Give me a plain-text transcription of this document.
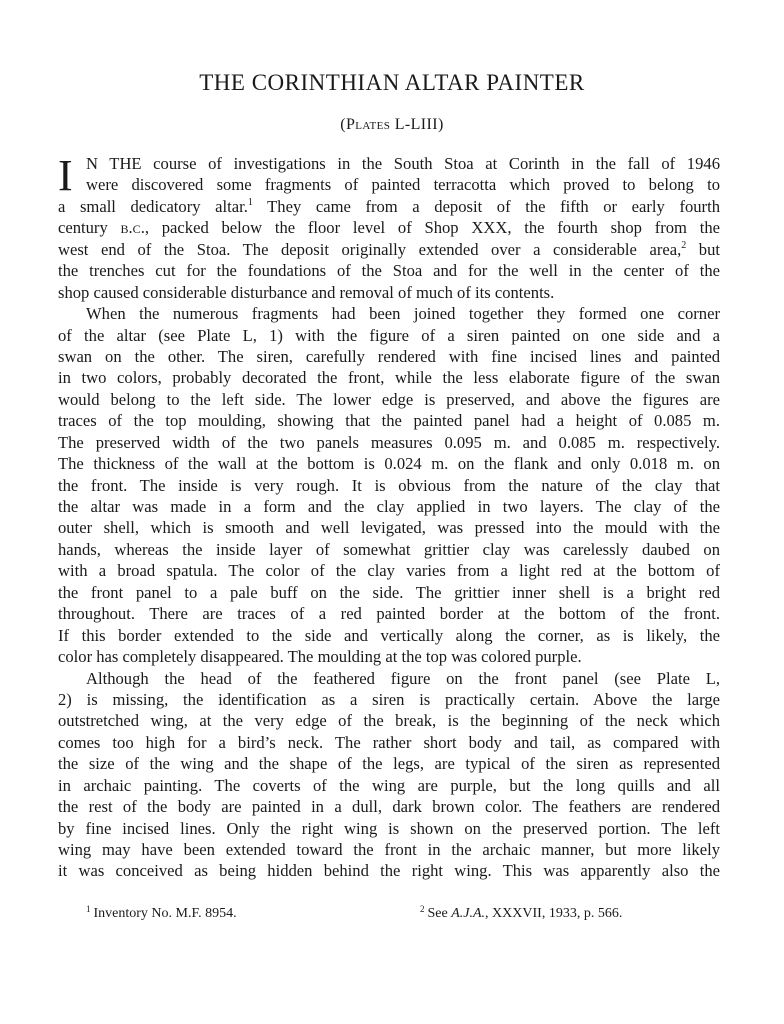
THE CORINTHIAN ALTAR PAINTER
(Plates L-LIII)
I N THE course of investigations in the South Stoa at Corinth in the fall of 1946
were discovered some fragments of painted terracotta which proved to belong to
a small dedicatory altar.$^1$ They came from a deposit of the fifth or early fourth
century b.c., packed below the floor level of Shop XXX, the fourth shop from the
west end of the Stoa. The deposit originally extended over a considerable area,$^2$ but
the trenches cut for the foundations of the Stoa and for the well in the center of the
shop caused considerable disturbance and removal of much of its contents.
When the numerous fragments had been joined together they formed one corner
of the altar (see Plate L, 1) with the figure of a siren painted on one side and a
swan on the other. The siren, carefully rendered with fine incised lines and painted
in two colors, probably decorated the front, while the less elaborate figure of the swan
would belong to the left side. The lower edge is preserved, and above the figures are
traces of the top moulding, showing that the painted panel had a height of 0.085 m.
The preserved width of the two panels measures 0.095 m. and 0.085 m. respectively.
The thickness of the wall at the bottom is 0.024 m. on the flank and only 0.018 m. on
the front. The inside is very rough. It is obvious from the nature of the clay that
the altar was made in a form and the clay applied in two layers. The clay of the
outer shell, which is smooth and well levigated, was pressed into the mould with the
hands, whereas the inside layer of somewhat grittier clay was carelessly daubed on
with a broad spatula. The color of the clay varies from a light red at the bottom of
the front panel to a pale buff on the side. The grittier inner shell is a bright red
throughout. There are traces of a red painted border at the bottom of the front.
If this border extended to the side and vertically along the corner, as is likely, the
color has completely disappeared. The moulding at the top was colored purple.
Although the head of the feathered figure on the front panel (see Plate L,
2) is missing, the identification as a siren is practically certain. Above the large
outstretched wing, at the very edge of the break, is the beginning of the neck which
comes too high for a bird’s neck. The rather short body and tail, as compared with
the size of the wing and the shape of the legs, are typical of the siren as represented
in archaic painting. The coverts of the wing are purple, but the long quills and all
the rest of the body are painted in a dull, dark brown color. The feathers are rendered
by fine incised lines. Only the right wing is shown on the preserved portion. The left
wing may have been extended toward the front in the archaic manner, but more likely
it was conceived as being hidden behind the right wing. This was apparently also the
$^1$ Inventory No. M.F. 8954.	$^2$ See A.J.A., XXXVII, 1933, p. 566.
